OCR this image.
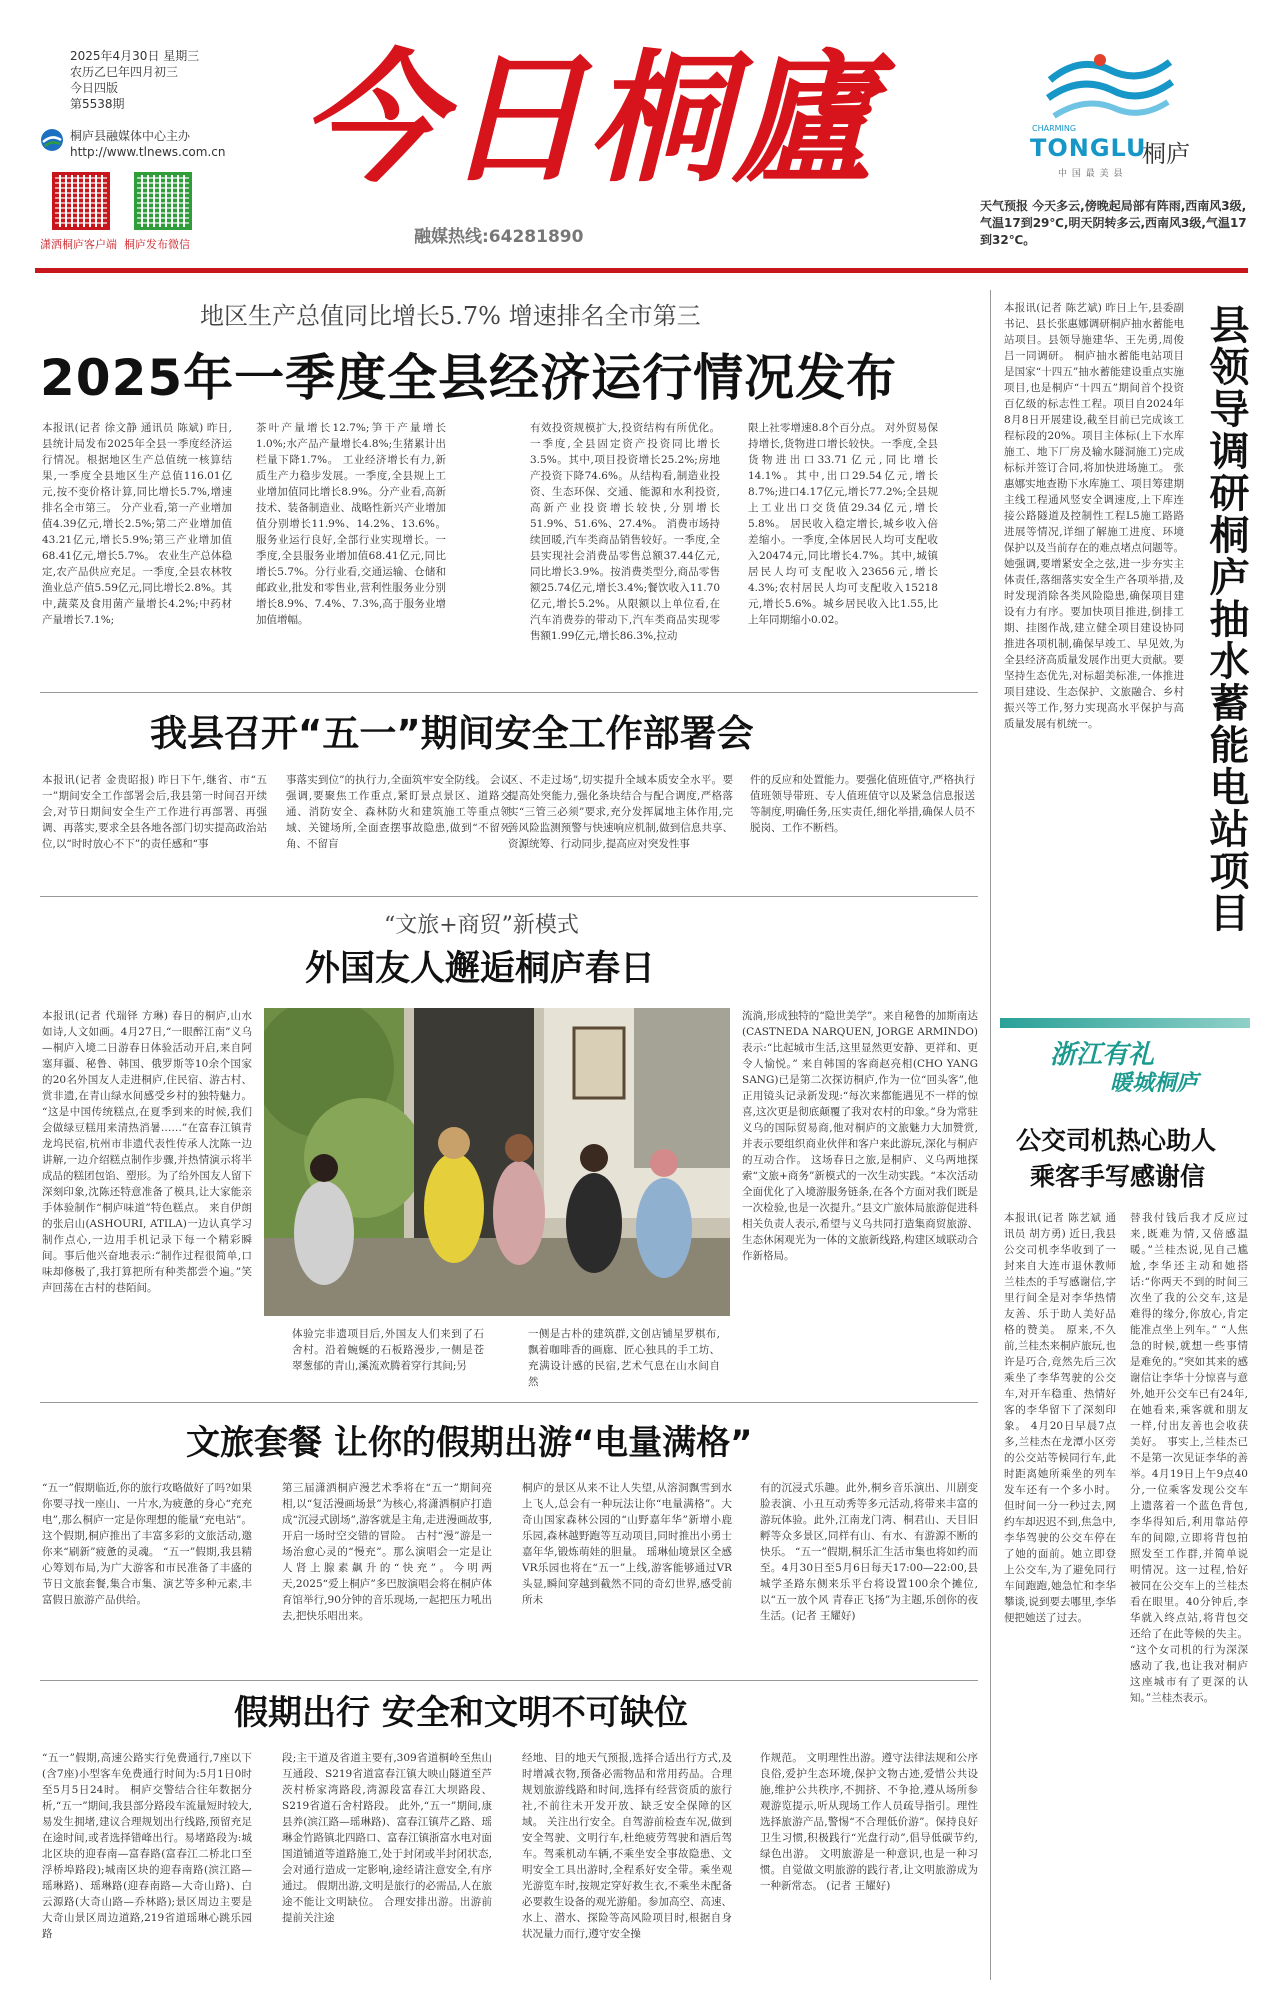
2025年4月30日 星期三
农历乙巳年四月初三
今日四版
第5538期
桐庐县融媒体中心主办
http://www.tlnews.com.cn
潇洒桐庐客户端 桐庐发布微信
今日桐廬
融媒热线:64281890
CHARMING
TONGLU
桐庐
中 国 最 美 县
天气预报 今天多云,傍晚起局部有阵雨,西南风3级,气温17到29℃,明天阴转多云,西南风3级,气温17到32℃。
地区生产总值同比增长5.7% 增速排名全市第三
2025年一季度全县经济运行情况发布
本报讯(记者 徐文静 通讯员 陈斌) 昨日,县统计局发布2025年全县一季度经济运行情况。根据地区生产总值统一核算结果,一季度全县地区生产总值116.01亿元,按不变价格计算,同比增长5.7%,增速排名全市第三。 分产业看,第一产业增加值4.39亿元,增长2.5%;第二产业增加值43.21亿元,增长5.9%;第三产业增加值68.41亿元,增长5.7%。 农业生产总体稳定,农产品供应充足。一季度,全县农林牧渔业总产值5.59亿元,同比增长2.8%。其中,蔬菜及食用菌产量增长4.2%;中药材产量增长7.1%;
茶叶产量增长12.7%;笋干产量增长1.0%;水产品产量增长4.8%;生猪累计出栏量下降1.7%。 工业经济增长有力,新质生产力稳步发展。一季度,全县规上工业增加值同比增长8.9%。分产业看,高新技术、装备制造业、战略性新兴产业增加值分别增长11.9%、14.2%、13.6%。 服务业运行良好,全部行业实现增长。一季度,全县服务业增加值68.41亿元,同比增长5.7%。分行业看,交通运输、仓储和邮政业,批发和零售业,营利性服务业分别增长8.9%、7.4%、7.3%,高于服务业增加值增幅。
有效投资规模扩大,投资结构有所优化。一季度,全县固定资产投资同比增长3.5%。其中,项目投资增长25.2%;房地产投资下降74.6%。从结构看,制造业投资、生态环保、交通、能源和水利投资,高新产业投资增长较快,分别增长51.9%、51.6%、27.4%。 消费市场持续回暖,汽车类商品销售较好。一季度,全县实现社会消费品零售总额37.44亿元,同比增长3.9%。按消费类型分,商品零售额25.74亿元,增长3.4%;餐饮收入11.70亿元,增长5.2%。从限额以上单位看,在汽车消费券的带动下,汽车类商品实现零售额1.99亿元,增长86.3%,拉动
限上社零增速8.8个百分点。 对外贸易保持增长,货物进口增长较快。一季度,全县货物进出口33.71亿元,同比增长14.1%。其中,出口29.54亿元,增长8.7%;进口4.17亿元,增长77.2%;全县规上工业出口交货值29.34亿元,增长5.8%。 居民收入稳定增长,城乡收入倍差缩小。一季度,全体居民人均可支配收入20474元,同比增长4.7%。其中,城镇居民人均可支配收入23656元,增长4.3%;农村居民人均可支配收入15218元,增长5.6%。城乡居民收入比1.55,比上年同期缩小0.02。
我县召开“五一”期间安全工作部署会
本报讯(记者 金贵昭报) 昨日下午,继省、市“五一”期间安全工作部署会后,我县第一时间召开续会,对节日期间安全生产工作进行再部署、再强调、再落实,要求全县各地各部门切实提高政治站位,以“时时放心不下”的责任感和“事
事落实到位”的执行力,全面筑牢安全防线。 会议强调,要聚焦工作重点,紧盯景点景区、道路交通、消防安全、森林防火和建筑施工等重点领域、关键场所,全面查摆事故隐患,做到“不留死角、不留盲
区、不走过场”,切实提升全域本质安全水平。要提高处突能力,强化条块结合与配合调度,严格落实“三管三必须”要求,充分发挥属地主体作用,完善风险监测预警与快速响应机制,做到信息共享、资源统筹、行动同步,提高应对突发性事
件的反应和处置能力。要强化值班值守,严格执行值班领导带班、专人值班值守以及紧急信息报送等制度,明确任务,压实责任,细化举措,确保人员不脱岗、工作不断档。
“文旅+商贸”新模式
外国友人邂逅桐庐春日
本报讯(记者 代瑞铎 方琳) 春日的桐庐,山水如诗,人文如画。4月27日,“一眼醉江南”义乌—桐庐入境二日游春日体验活动开启,来自阿塞拜疆、秘鲁、韩国、俄罗斯等10余个国家的20名外国友人走进桐庐,住民宿、游古村、赏非遗,在青山绿水间感受乡村的独特魅力。 “这是中国传统糕点,在夏季到来的时候,我们会做绿豆糕用来清热消暑……”在富春江镇青龙坞民宿,杭州市非遗代表性传承人沈陈一边讲解,一边介绍糕点制作步骤,并热情演示将半成品的糕团包馅、塑形。为了给外国友人留下深刻印象,沈陈还特意准备了模具,让大家能亲手体验制作“桐庐味道”特色糕点。 来自伊朗的张启山(ASHOURI, ATILA)一边认真学习制作点心,一边用手机记录下每一个精彩瞬间。事后他兴奋地表示:“制作过程很简单,口味却修极了,我打算把所有种类都尝个遍。”笑声回荡在古村的巷陌间。
体验完非遗项目后,外国友人们来到了石舍村。沿着蜿蜒的石板路漫步,一侧是苍翠葱郁的青山,溪流欢腾着穿行其间;另
一侧是古朴的建筑群,文创店铺星罗棋布,飘着咖啡香的画廊、匠心独具的手工坊、充满设计感的民宿,艺术气息在山水间自然
流淌,形成独特的“隐世美学”。来自秘鲁的加斯南达(CASTNEDA NARQUEN, JORGE ARMINDO)表示:“比起城市生活,这里显然更安静、更祥和、更令人愉悦。” 来自韩国的客商赵亮相(CHO YANG SANG)已是第二次探访桐庐,作为一位“回头客”,他正用镜头记录新发现:“每次来都能遇见不一样的惊喜,这次更是彻底颠覆了我对农村的印象。”身为常驻义乌的国际贸易商,他对桐庐的文旅魅力大加赞赏,并表示要组织商业伙伴和客户来此游玩,深化与桐庐的互动合作。 这场春日之旅,是桐庐、义乌两地探索“文旅+商务”新模式的一次生动实践。“本次活动全面优化了入境游服务链条,在各个方面对我们既是一次检验,也是一次提升。”县文广旅体局旅游促进科相关负责人表示,希望与义乌共同打造集商贸旅游、生态休闲观光为一体的文旅新线路,构建区域联动合作新格局。
文旅套餐 让你的假期出游“电量满格”
“五一”假期临近,你的旅行攻略做好了吗?如果你要寻找一座山、一片水,为疲惫的身心“充充电”,那么桐庐一定是你理想的能量“充电站”。这个假期,桐庐推出了丰富多彩的文旅活动,邀你来“刷新”疲惫的灵魂。 “五一”假期,我县精心筹划布局,为广大游客和市民准备了丰盛的节日文旅套餐,集合市集、演艺等多种元素,丰富假日旅游产品供给。
第三届潇洒桐庐漫艺术季将在“五一”期间亮相,以“复活漫画场景”为核心,将潇洒桐庐打造成“沉浸式剧场”,游客就是主角,走进漫画故事,开启一场时空交错的冒险。 古村“漫”游是一场治愈心灵的“慢充”。那么演唱会一定是让人肾上腺素飙升的“快充”。今明两天,2025“爱上桐庐”多巴胺演唱会将在桐庐体育馆举行,90分钟的音乐现场,一起把压力吼出去,把快乐唱出来。
桐庐的景区从来不让人失望,从溶洞飘雪到水上飞人,总会有一种玩法让你“电量满格”。大奇山国家森林公园的“山野嘉年华”新增小鹿乐园,森林越野跑等互动项目,同时推出小勇士嘉年华,锻炼萌娃的胆量。 瑶琳仙境景区全感VR乐园也将在“五一”上线,游客能够通过VR头显,瞬间穿越到截然不同的奇幻世界,感受前所未
有的沉浸式乐趣。此外,桐乡音乐演出、川剧变脸表演、小丑互动秀等多元活动,将带来丰富的游玩体验。此外,江南龙门湾、桐君山、天目旧孵等众多景区,同样有山、有水、有游源不断的快乐。 “五一”假期,桐乐汇生活市集也将如约而至。4月30日至5月6日每天17:00—22:00,县城学圣路东侧来乐平台将设置100余个摊位,以“五一放个风 青春正飞扬”为主题,乐创你的夜生活。(记者 王耀好)
假期出行 安全和文明不可缺位
“五一”假期,高速公路实行免费通行,7座以下(含7座)小型客车免费通行时间为:5月1日0时至5月5日24时。 桐庐交警结合往年数据分析,“五一”期间,我县部分路段车流量短时较大,易发生拥堵,建议合理规划出行线路,预留充足在途时间,或者选择错峰出行。易堵路段为:城北区块的迎春南—富春路(富春江二桥北口至浮桥埠路段);城南区块的迎春南路(滨江路—瑶琳路)、瑶琳路(迎春南路—大奇山路)、白云源路(大奇山路—乔林路);景区周边主要是大奇山景区周边道路,219省道瑶琳心跳乐园路
段;主干道及省道主要有,309省道桐岭至焦山互通段、S219省道富春江镇大映山隧道至芦茨村桥家湾路段,湾源段富春江大坝路段、S219省道石舍村路段。 此外,“五一”期间,康县养(滨江路—瑶琳路)、富春江镇芹乙路、瑶琳金竹路镇北四路口、富春江镇浙富水电对面国道铺道等道路施工,处于封闭或半封闭状态,会对通行造成一定影响,途经请注意安全,有序通过。 假期出游,文明是旅行的必需品,人在旅途不能让文明缺位。 合理安排出游。出游前提前关注途
经地、目的地天气预报,选择合适出行方式,及时增减衣物,预备必需物品和常用药品。合理规划旅游线路和时间,选择有经营资质的旅行社,不前往未开发开放、缺乏安全保障的区域。 关注出行安全。自驾游前检查车况,做到安全驾驶、文明行车,杜绝疲劳驾驶和酒后驾车。驾乘机动车辆,不乘坐安全事故隐患、文明安全工具出游时,全程系好安全带。乘坐观光游览车时,按规定穿好救生衣,不乘坐未配备必要救生设备的观光游船。参加高空、高速、水上、潜水、探险等高风险项目时,根据自身状况量力而行,遵守安全操
作规范。 文明理性出游。遵守法律法规和公序良俗,爱护生态环境,保护文物古迹,爱惜公共设施,维护公共秩序,不拥挤、不争抢,遵从场所参观游览提示,听从现场工作人员疏导指引。理性选择旅游产品,警惕“不合理低价游”。保持良好卫生习惯,积极践行“光盘行动”,倡导低碳节约,绿色出游。 文明旅游是一种意识,也是一种习惯。自觉做文明旅游的践行者,让文明旅游成为一种新常态。 (记者 王耀好)
本报讯(记者 陈艺斌) 昨日上午,县委副书记、县长张惠娜调研桐庐抽水蓄能电站项目。县领导施建华、王先勇,周俊吕一同调研。 桐庐抽水蓄能电站项目是国家“十四五”抽水蓄能建设重点实施项目,也是桐庐“十四五”期间首个投资百亿级的标志性工程。项目自2024年8月8日开展建设,截至目前已完成该工程标段的20%。项目主体标(上下水库施工、地下厂房及输水隧洞施工)完成标标并签订合同,将加快进场施工。 张惠娜实地查勘下水库施工、项目筹建期主线工程通风竖安全调速度,上下库连接公路隧道及控制性工程L5施工路路进展等情况,详细了解施工进度、环境保护以及当前存在的难点堵点问题等。她强调,要增紧安全之弦,进一步夯实主体责任,落细落实安全生产各项举措,及时发现消除各类风险隐患,确保项目建设有力有序。要加快项目推进,倒排工期、挂图作战,建立健全项目建设协同推进各项机制,确保早竣工、早见效,为全县经济高质量发展作出更大贡献。要坚持生态优先,对标超美标准,一体推进项目建设、生态保护、文旅融合、乡村振兴等工作,努力实现高水平保护与高质量发展有机统一。	县领导调研桐庐抽水蓄能电站项目
浙江有礼
暖城桐庐
公交司机热心助人
乘客手写感谢信
本报讯(记者 陈艺斌 通讯员 胡方勇) 近日,我县公交司机李华收到了一封来自大连市退休教师兰桂杰的手写感谢信,字里行间全是对李华热情友善、乐于助人美好品格的赞美。 原来,不久前,兰桂杰来桐庐旅玩,也许是巧合,竟然先后三次乘坐了李华驾驶的公交车,对开车稳重、热情好客的李华留下了深刻印象。 4月20日早晨7点多,兰桂杰在龙潭小区旁的公交站等候同行车,此时距离她所乘坐的列车发车还有一个多小时。但时间一分一秒过去,网约车却迟迟不到,焦急中,李华驾驶的公交车停在了她的面前。她立即登上公交车,为了避免同行车间跑跑,她急忙和李华攀谈,说到要去哪里,李华便把她送了过去。
替我付钱后我才反应过来,既难为情,又倍感温暖。”兰桂杰说,见自己尴尬,李华还主动和她搭话:“你两天不到的时间三次坐了我的公交车,这是难得的缘分,你放心,肯定能准点坐上列车。” “人焦急的时候,就想一些事情是难免的。”突如其来的感谢信让李华十分惊喜与意外,她开公交车已有24年,在她看来,乘客就和朋友一样,付出友善也会收获美好。 事实上,兰桂杰已不是第一次见证李华的善举。4月19日上午9点40分,一位乘客发现公交车上遗落着一个蓝色背包,李华得知后,利用靠站停车的间隙,立即将背包拍照发至工作群,并简单说明情况。这一过程,恰好被同在公交车上的兰桂杰看在眼里。40分钟后,李华就入终点站,将背包交还给了在此等候的失主。 “这个女司机的行为深深感动了我,也让我对桐庐这座城市有了更深的认知。”兰桂杰表示。
